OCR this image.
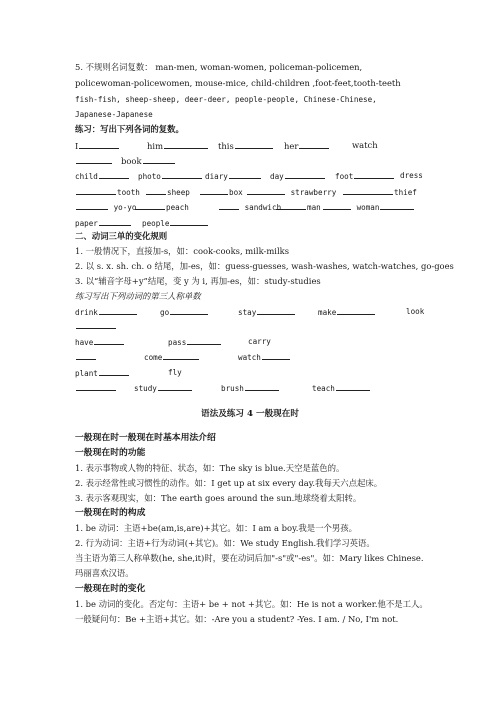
5. 不规则名词复数： man-men, woman-women, policeman-policemen,
policewoman-policewomen, mouse-mice, child-children ,foot-feet,tooth-teeth
fish-fish, sheep-sheep, deer-deer, people-people, Chinese-Chinese,
Japanese-Japanese
练习：写出下列各词的复数。
I	him	this	her	watch
book
child	photo	diary	day	foot	dress
tooth	sheep	box	strawberry	thief
yo-yo	peach	sandwich	man	woman
paper	people
二、动词三单的变化规则
1. 一般情况下，直接加-s，如：cook-cooks, milk-milks
2. 以 s. x. sh. ch. o 结尾，加-es，如：guess-guesses, wash-washes, watch-watches, go-goes
3. 以“辅音字母+y”结尾，变 y 为 i, 再加-es，如：study-studies
练习写出下列动词的第三人称单数
drink	go	stay	make	look
have	pass	carry
come	watch
plant	fly
study	brush	teach
语法及练习 4 一般现在时
一般现在时一般现在时基本用法介绍
一般现在时的功能
1. 表示事物或人物的特征、状态，如：The sky is blue.天空是蓝色的。
2. 表示经常性或习惯性的动作。如：I get up at six every day.我每天六点起床。
3. 表示客观现实，如：The earth goes around the sun.地球绕着太阳转。
一般现在时的构成
1. be 动词：主语+be(am,is,are)+其它。如：I am a boy.我是一个男孩。
2. 行为动词：主语+行为动词(+其它)。如：We study English.我们学习英语。
当主语为第三人称单数(he, she,it)时，要在动词后加"-s"或"-es"。如：Mary likes Chinese.
玛丽喜欢汉语。
一般现在时的变化
1. be 动词的变化。否定句：主语+ be + not +其它。如：He is not a worker.他不是工人。
一般疑问句：Be +主语+其它。如：-Are you a student? -Yes. I am. / No, I'm not.
